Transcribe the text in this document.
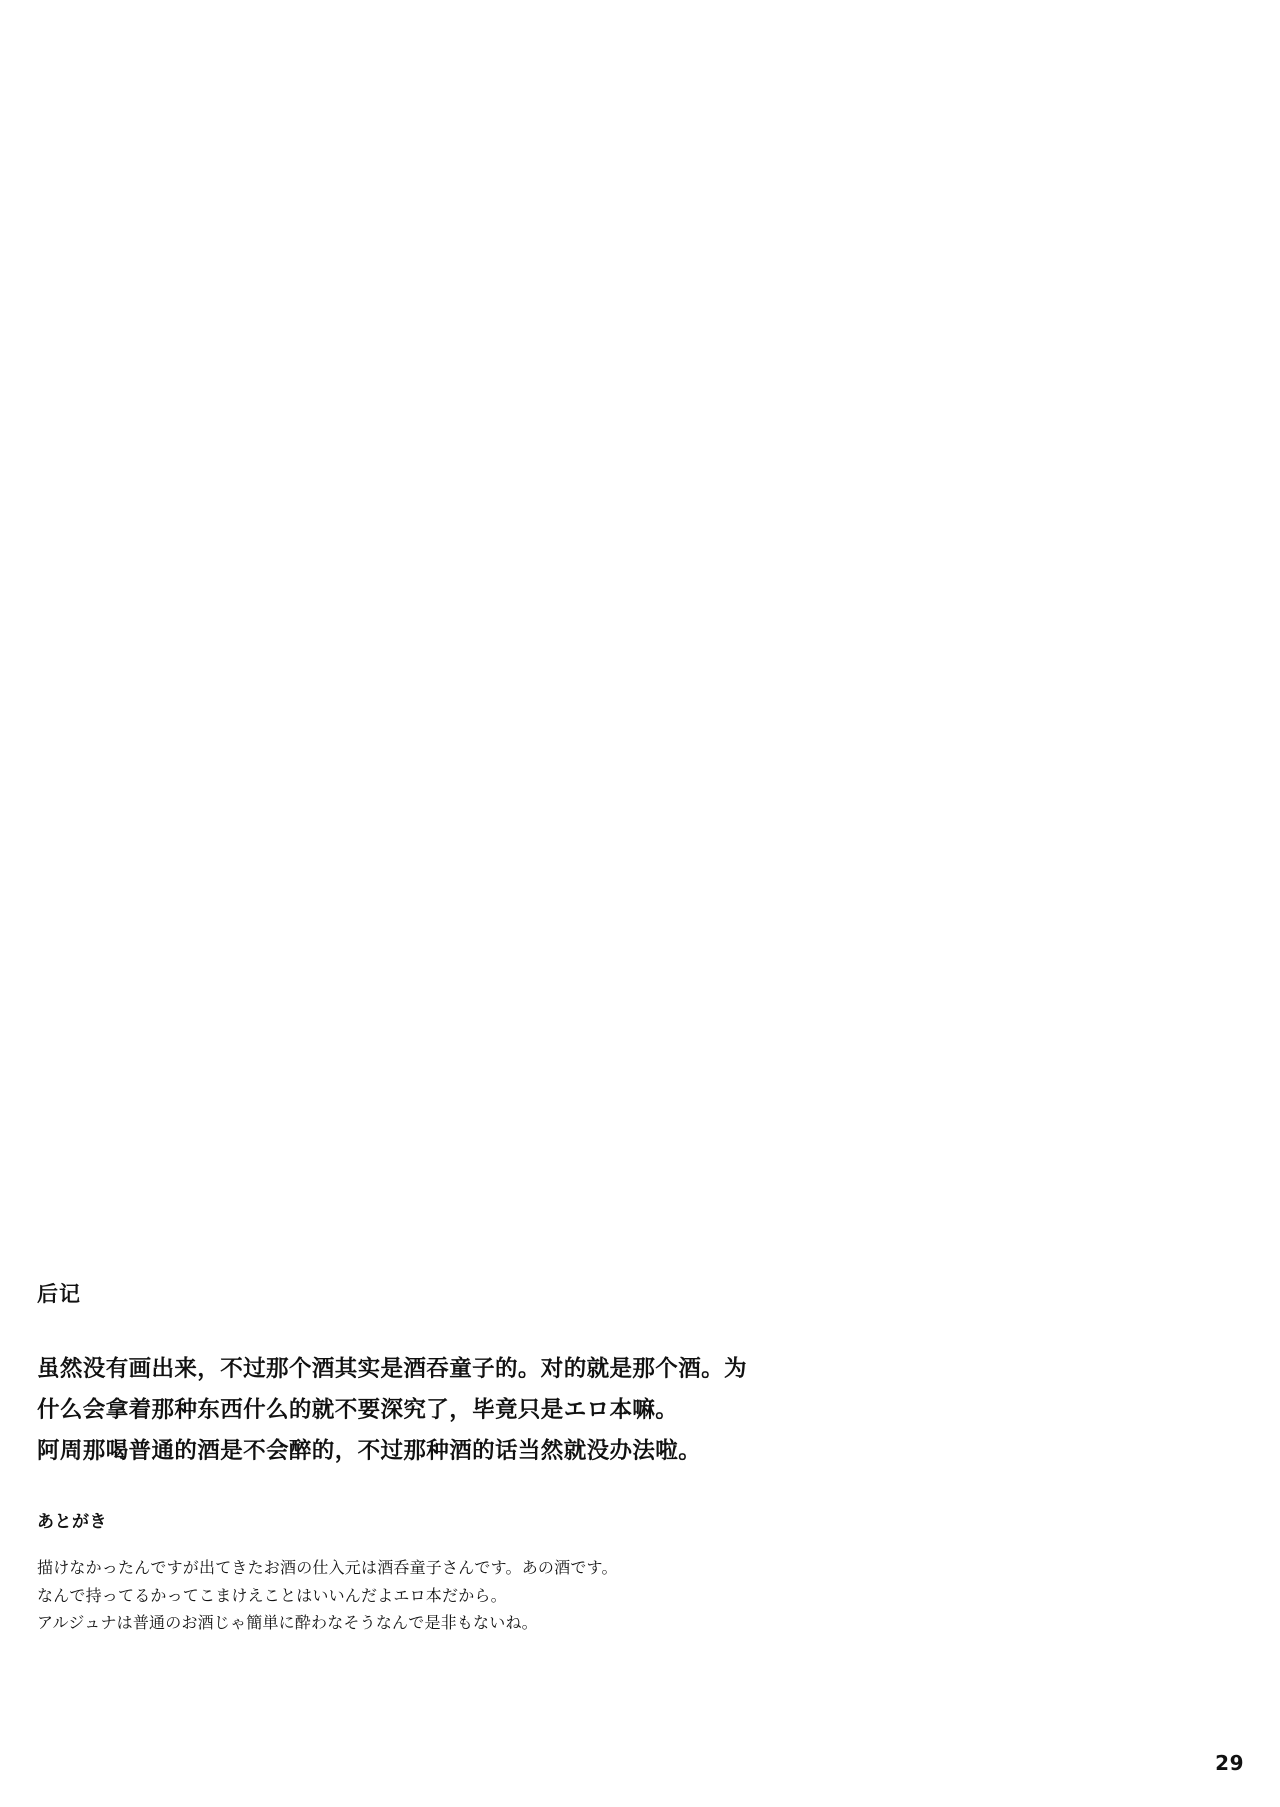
后记

虽然没有画出来，不过那个酒其实是酒吞童子的。对的就是那个酒。为
什么会拿着那种东西什么的就不要深究了，毕竟只是エロ本嘛。
阿周那喝普通的酒是不会醉的，不过那种酒的话当然就没办法啦。

あとがき

描けなかったんですが出てきたお酒の仕入元は酒呑童子さんです。あの酒です。
なんで持ってるかってこまけえことはいいんだよエロ本だから。
アルジュナは普通のお酒じゃ簡単に酔わなそうなんで是非もないね。

29
